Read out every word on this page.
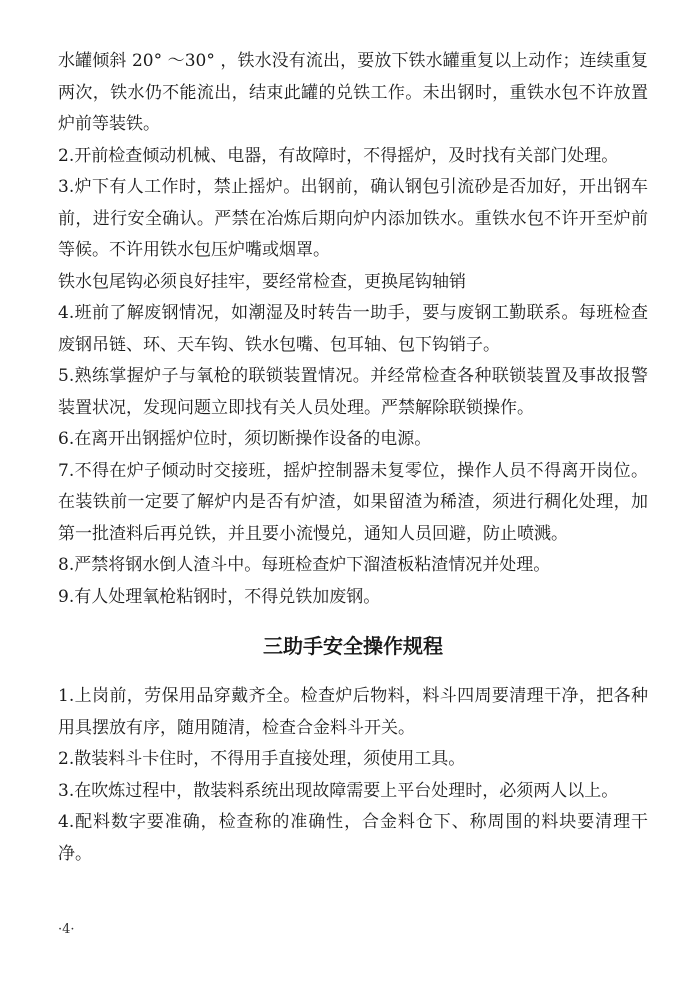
水罐倾斜 20° ～30° ，铁水没有流出，要放下铁水罐重复以上动作；连续重复两次，铁水仍不能流出，结束此罐的兑铁工作。未出钢时，重铁水包不许放置炉前等装铁。

2.开前检查倾动机械、电器，有故障时，不得摇炉，及时找有关部门处理。

3.炉下有人工作时，禁止摇炉。出钢前，确认钢包引流砂是否加好，开出钢车前，进行安全确认。严禁在冶炼后期向炉内添加铁水。重铁水包不许开至炉前等候。不许用铁水包压炉嘴或烟罩。

铁水包尾钩必须良好挂牢，要经常检查，更换尾钩轴销

4.班前了解废钢情况，如潮湿及时转告一助手，要与废钢工勤联系。每班检查废钢吊链、环、天车钩、铁水包嘴、包耳轴、包下钩销子。

5.熟练掌握炉子与氧枪的联锁装置情况。并经常检查各种联锁装置及事故报警装置状况，发现问题立即找有关人员处理。严禁解除联锁操作。

6.在离开出钢摇炉位时，须切断操作设备的电源。

7.不得在炉子倾动时交接班，摇炉控制器未复零位，操作人员不得离开岗位。在装铁前一定要了解炉内是否有炉渣，如果留渣为稀渣，须进行稠化处理，加第一批渣料后再兑铁，并且要小流慢兑，通知人员回避，防止喷溅。

8.严禁将钢水倒人渣斗中。每班检查炉下溜渣板粘渣情况并处理。

9.有人处理氧枪粘钢时，不得兑铁加废钢。

三助手安全操作规程

1.上岗前，劳保用品穿戴齐全。检查炉后物料，料斗四周要清理干净，把各种用具摆放有序，随用随清，检查合金料斗开关。

2.散装料斗卡住时，不得用手直接处理，须使用工具。

3.在吹炼过程中，散装料系统出现故障需要上平台处理时，必须两人以上。

4.配料数字要准确，检查称的准确性，合金料仓下、称周围的料块要清理干净。

·4·
